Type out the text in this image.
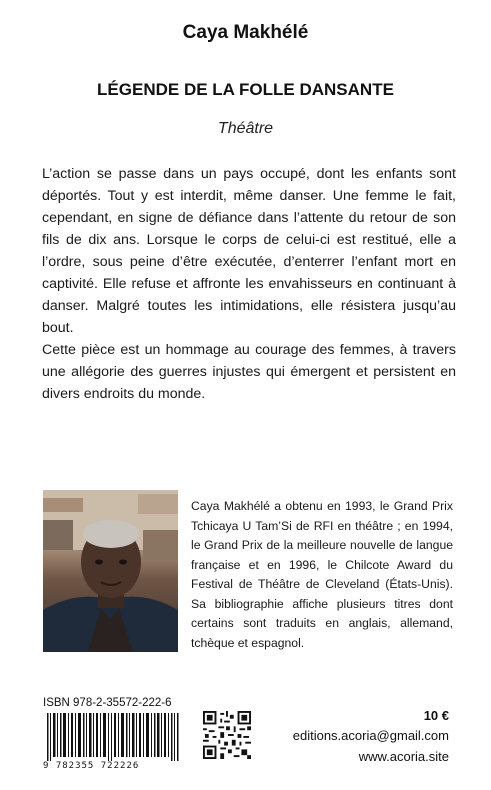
Caya Makhélé
LÉGENDE DE LA FOLLE DANSANTE
Théâtre

L’action se passe dans un pays occupé, dont les enfants sont déportés. Tout y est interdit, même danser. Une femme le fait, cependant, en signe de défiance dans l’attente du retour de son fils de dix ans. Lorsque le corps de celui-ci est restitué, elle a l’ordre, sous peine d’être exécutée, d’enterrer l’enfant mort en captivité. Elle refuse et affronte les envahisseurs en continuant à danser. Malgré toutes les intimidations, elle résistera jusqu’au bout.

Cette pièce est un hommage au courage des femmes, à travers une allégorie des guerres injustes qui émergent et persistent en divers endroits du monde.

Caya Makhélé a obtenu en 1993, le Grand Prix Tchicaya U Tam’Si de RFI en théâtre ; en 1994, le Grand Prix de la meilleure nouvelle de langue française et en 1996, le Chilcote Award du Festival de Théâtre de Cleveland (États-Unis). Sa bibliographie affiche plusieurs titres dont certains sont traduits en anglais, allemand, tchèque et espagnol.
ISBN 978-2-35572-222-6
9 782355 722226
10 €
editions.acoria@gmail.com
www.acoria.site
